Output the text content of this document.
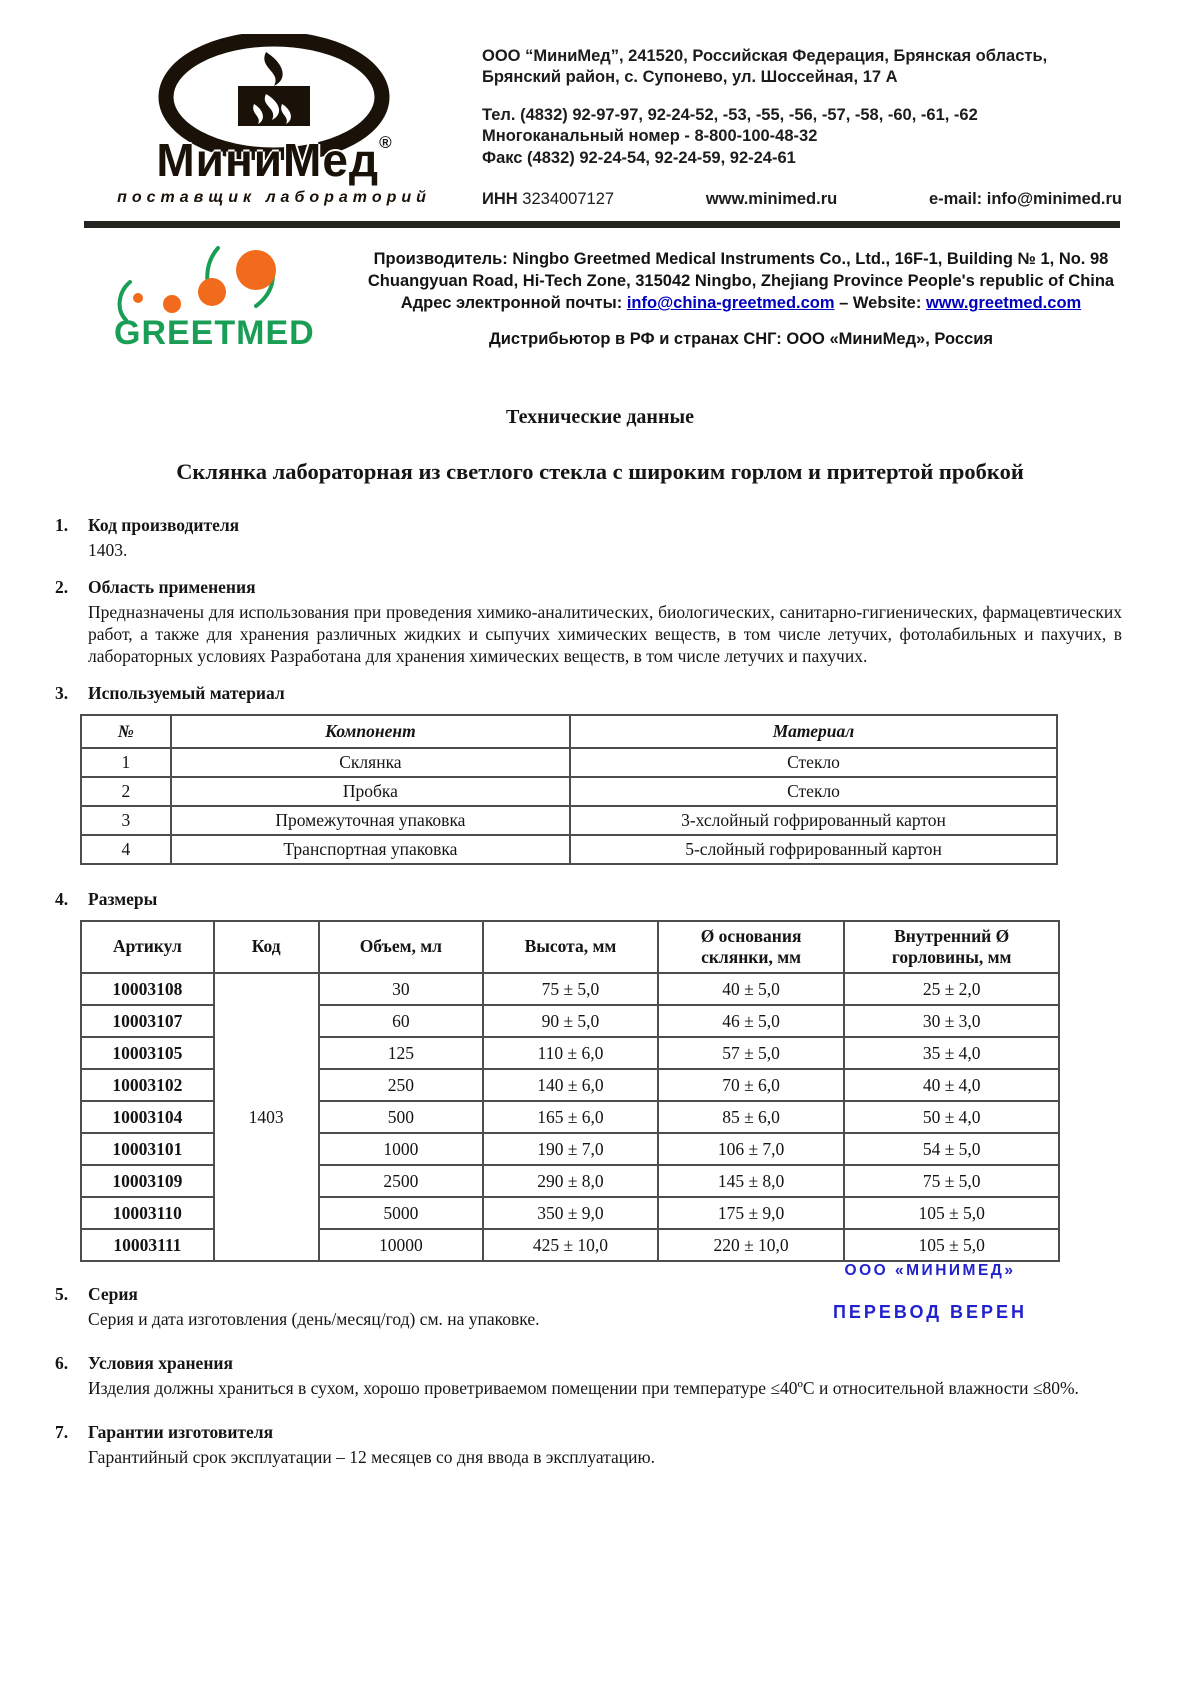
МиниМед®
поставщик лабораторий
ООО “МиниМед”, 241520, Российская Федерация, Брянская область,
Брянский район, с. Супонево, ул. Шоссейная, 17 А
Тел. (4832) 92-97-97, 92-24-52, -53, -55, -56, -57, -58, -60, -61, -62
Многоканальный номер - 8-800-100-48-32
Факс (4832) 92-24-54, 92-24-59, 92-24-61
ИНН 3234007127	www.minimed.ru	e-mail: info@minimed.ru
GREETMED
Производитель: Ningbo Greetmed Medical Instruments Co., Ltd., 16F-1, Building № 1, No. 98
Chuangyuan Road, Hi-Tech Zone, 315042 Ningbo, Zhejiang Province People's republic of China
Адрес электронной почты: info@china-greetmed.com – Website: www.greetmed.com
Дистрибьютор в РФ и странах СНГ: ООО «МиниМед», Россия
Технические данные
Склянка лабораторная из светлого стекла с широким горлом и притертой пробкой
1.	Код производителя
1403.
2.	Область применения
Предназначены для использования при проведения химико-аналитических, биологических, санитарно-гигиенических, фармацевтических работ, а также для хранения различных жидких и сыпучих химических веществ, в том числе летучих, фотолабильных и пахучих, в лабораторных условиях Разработана для хранения химических веществ, в том числе летучих и пахучих.
3.	Используемый материал
№	Компонент	Материал
1	Склянка	Стекло
2	Пробка	Стекло
3	Промежуточная упаковка	3-хслойный гофрированный картон
4	Транспортная упаковка	5-слойный гофрированный картон
4.	Размеры
Артикул	Код	Объем, мл	Высота, мм	Ø основания склянки, мм	Внутренний Ø горловины, мм
10003108	1403	30	75 ± 5,0	40 ± 5,0	25 ± 2,0
10003107		60	90 ± 5,0	46 ± 5,0	30 ± 3,0
10003105		125	110 ± 6,0	57 ± 5,0	35 ± 4,0
10003102		250	140 ± 6,0	70 ± 6,0	40 ± 4,0
10003104		500	165 ± 6,0	85 ± 6,0	50 ± 4,0
10003101		1000	190 ± 7,0	106 ± 7,0	54 ± 5,0
10003109		2500	290 ± 8,0	145 ± 8,0	75 ± 5,0
10003110		5000	350 ± 9,0	175 ± 9,0	105 ± 5,0
10003111		10000	425 ± 10,0	220 ± 10,0	105 ± 5,0
5.	Серия
Серия и дата изготовления (день/месяц/год) см. на упаковке.
6.	Условия хранения
Изделия должны храниться в сухом, хорошо проветриваемом помещении при температуре ≤40ºС и относительной влажности ≤80%.
7.	Гарантии изготовителя
Гарантийный срок эксплуатации – 12 месяцев со дня ввода в эксплуатацию.
ООО «МИНИМЕД»
ПЕРЕВОД ВЕРЕН
